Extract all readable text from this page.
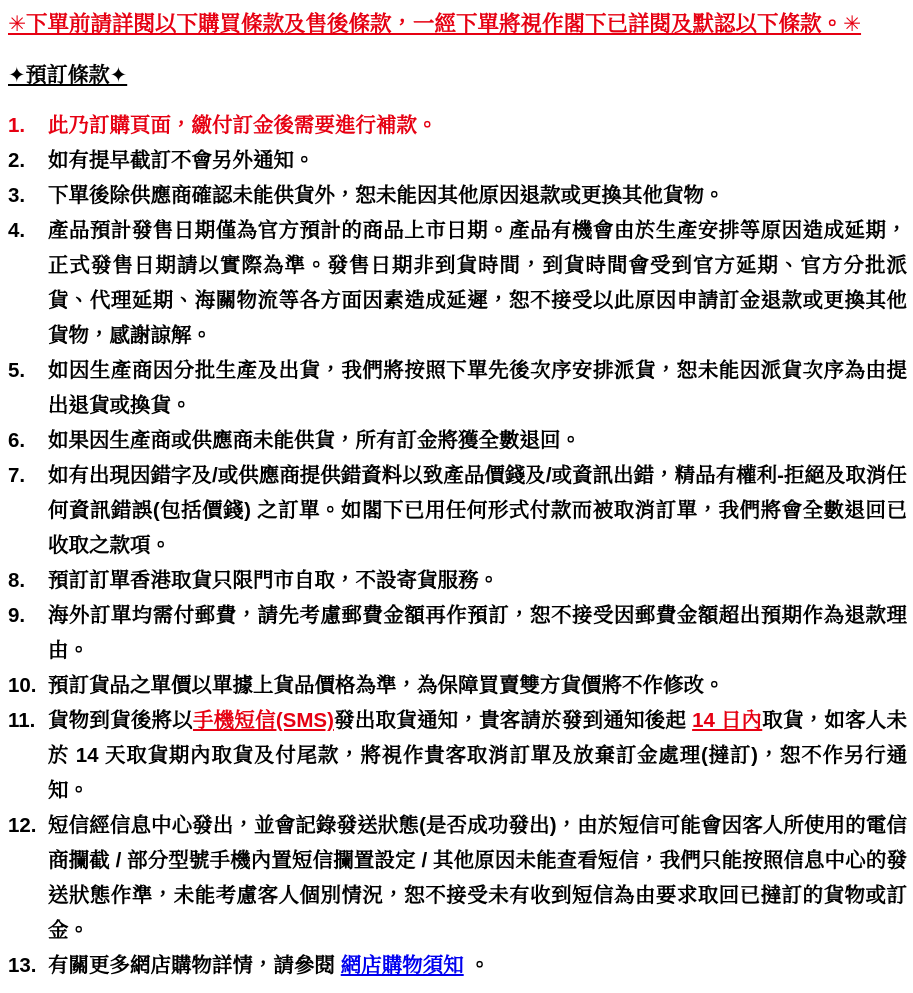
✳下單前請詳閱以下購買條款及售後條款，一經下單將視作閣下已詳閱及默認以下條款。✳
✦預訂條款✦
1.	此乃訂購頁面，繳付訂金後需要進行補款。
2.	如有提早截訂不會另外通知。
3.	下單後除供應商確認未能供貨外，恕未能因其他原因退款或更換其他貨物。
4.	產品預計發售日期僅為官方預計的商品上市日期。產品有機會由於生產安排等原因造成延期，正式發售日期請以實際為準。發售日期非到貨時間，到貨時間會受到官方延期、官方分批派貨、代理延期、海關物流等各方面因素造成延遲，恕不接受以此原因申請訂金退款或更換其他貨物，感謝諒解。
5.	如因生產商因分批生產及出貨，我們將按照下單先後次序安排派貨，恕未能因派貨次序為由提出退貨或換貨。
6.	如果因生產商或供應商未能供貨，所有訂金將獲全數退回。
7.	如有出現因錯字及/或供應商提供錯資料以致產品價錢及/或資訊出錯，精品有權利-拒絕及取消任何資訊錯誤(包括價錢) 之訂單。如閣下已用任何形式付款而被取消訂單，我們將會全數退回已收取之款項。
8.	預訂訂單香港取貨只限門市自取，不設寄貨服務。
9.	海外訂單均需付郵費，請先考慮郵費金額再作預訂，恕不接受因郵費金額超出預期作為退款理由。
10. 預訂貨品之單價以單據上貨品價格為準，為保障買賣雙方貨價將不作修改。
11. 貨物到貨後將以手機短信(SMS)發出取貨通知，貴客請於發到通知後起 14 日內取貨，如客人未於 14 天取貨期內取貨及付尾款，將視作貴客取消訂單及放棄訂金處理(撻訂)，恕不作另行通知。
12. 短信經信息中心發出，並會記錄發送狀態(是否成功發出)，由於短信可能會因客人所使用的電信商攔截 / 部分型號手機內置短信攔置設定 / 其他原因未能查看短信，我們只能按照信息中心的發送狀態作準，未能考慮客人個別情況，恕不接受未有收到短信為由要求取回已撻訂的貨物或訂金。
13. 有關更多網店購物詳情，請參閱 網店購物須知 。
